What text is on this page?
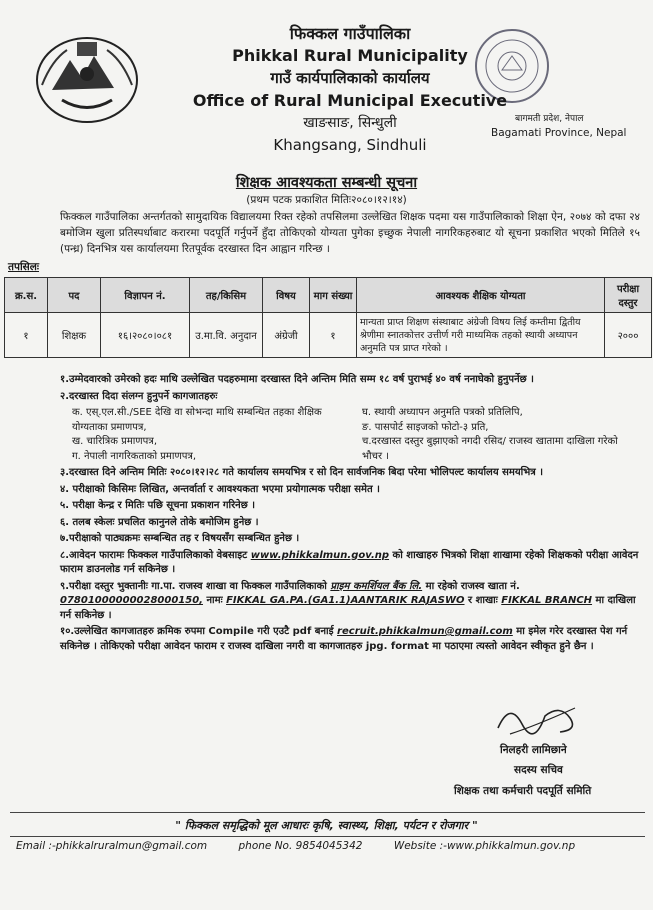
फिक्कल गाउँपालिका
Phikkal Rural Municipality
गाउँ कार्यपालिकाको कार्यालय
Office of Rural Municipal Executive
खाङसाङ, सिन्धुली
Khangsang, Sindhuli
बागमती प्रदेश, नेपाल
Bagamati Province, Nepal
शिक्षक आवश्यकता सम्बन्धी सूचना
(प्रथम पटक प्रकाशित मितिः२०८०।१२।१४)
फिक्कल गाउँपालिका अन्तर्गतको सामुदायिक विद्यालयमा रिक्त रहेको तपसिलमा उल्लेखित शिक्षक पदमा यस गाउँपालिकाको शिक्षा ऐन, २०७४ को दफा २४ बमोजिम खुला प्रतिस्पर्धाबाट करारमा पदपूर्ति गर्नुपर्ने हुँदा तोकिएको योग्यता पुगेका इच्छुक नेपाली नागरिकहरुबाट यो सूचना प्रकाशित भएको मितिले १५ (पन्ध्र) दिनभित्र यस कार्यालयमा रितपूर्वक दरखास्त दिन आह्वान गरिन्छ ।
तपसिलः
क्र.स.	पद	विज्ञापन नं.	तह/किसिम	विषय	माग संख्या	आवश्यक शैक्षिक योग्यता	परीक्षा दस्तुर
१	शिक्षक	१६।२०८०।०८१	उ.मा.वि. अनुदान	अंग्रेजी	१	मान्यता प्राप्त शिक्षण संस्थाबाट अंग्रेजी विषय लिई कम्तीमा द्वितीय श्रेणीमा स्नातकोत्तर उत्तीर्ण गरी माध्यमिक तहको स्थायी अध्यापन अनुमति पत्र प्राप्त गरेको ।	२०००

१.उम्मेदवारको उमेरको हदः माथि उल्लेखित पदहरुमामा दरखास्त दिने अन्तिम मिति सम्म १८ वर्ष पुराभई ४० वर्ष ननाघेको हुनुपर्नेछ ।

२.दरखास्त दिदा संलग्न हुनुपर्ने कागजातहरुः

क. एस्.एल.सी./SEE देखि वा सोभन्दा माथि सम्बन्धित तहका शैक्षिक योग्यताका प्रमाणपत्र,
ख. चारित्रिक प्रमाणपत्र,
ग. नेपाली नागरिकताको प्रमाणपत्र,
घ. स्थायी अध्यापन अनुमति पत्रको प्रतिलिपि,
ङ. पासपोर्ट साइजको फोटो-३ प्रति,
च.दरखास्त दस्तुर बुझाएको नगदी रसिद/ राजस्व खातामा दाखिला गरेको भौचर ।

३.दरखास्त दिने अन्तिम मितिः २०८०।१२।२८ गते कार्यालय समयभित्र र सो दिन सार्वजनिक बिदा परेमा भोलिपल्ट कार्यालय समयभित्र ।

४. परीक्षाको किसिमः लिखित, अन्तर्वार्ता र आवश्यकता भएमा प्रयोगात्मक परीक्षा समेत ।

५. परीक्षा केन्द्र र मितिः पछि सूचना प्रकाशन गरिनेछ ।

६. तलब स्केलः प्रचलित कानुनले तोके बमोजिम हुनेछ ।

७.परीक्षाको पाठ्यक्रमः सम्बन्धित तह र विषयसँग सम्बन्धित हुनेछ ।

८.आवेदन फारामः फिक्कल गाउँपालिकाको वेबसाइट www.phikkalmun.gov.np को शाखाहरु भित्रको शिक्षा शाखामा रहेको शिक्षकको परीक्षा आवेदन फाराम डाउनलोड गर्न सकिनेछ ।

९.परीक्षा दस्तुर भुक्तानीः गा.पा. राजस्व शाखा वा फिक्कल गाउँपालिकाको प्राइम कमर्शियल बैंक लि. मा रहेको राजस्व खाता नं. 07801000000028000150, नामः FIKKAL GA.PA.(GA1.1)AANTARIK RAJASWO र शाखाः FIKKAL BRANCH मा दाखिला गर्न सकिनेछ ।

१०.उल्लेखित कागजातहरु क्रमिक रुपमा Compile गरी एउटै pdf बनाई recruit.phikkalmun@gmail.com मा इमेल गरेर दरखास्त पेश गर्न सकिनेछ । तोकिएको परीक्षा आवेदन फाराम र राजस्व दाखिला नगरी वा कागजातहरु jpg. format मा पठाएमा त्यस्तो आवेदन स्वीकृत हुने छैन ।

निलहरी लामिछाने
सदस्य सचिव
शिक्षक तथा कर्मचारी पदपूर्ति समिति
" फिक्कल समृद्धिको मूल आधारः कृषि, स्वास्थ्य, शिक्षा, पर्यटन र रोजगार "
Email :-phikkalruralmun@gmail.com	phone No. 9854045342	Website :-www.phikkalmun.gov.np
